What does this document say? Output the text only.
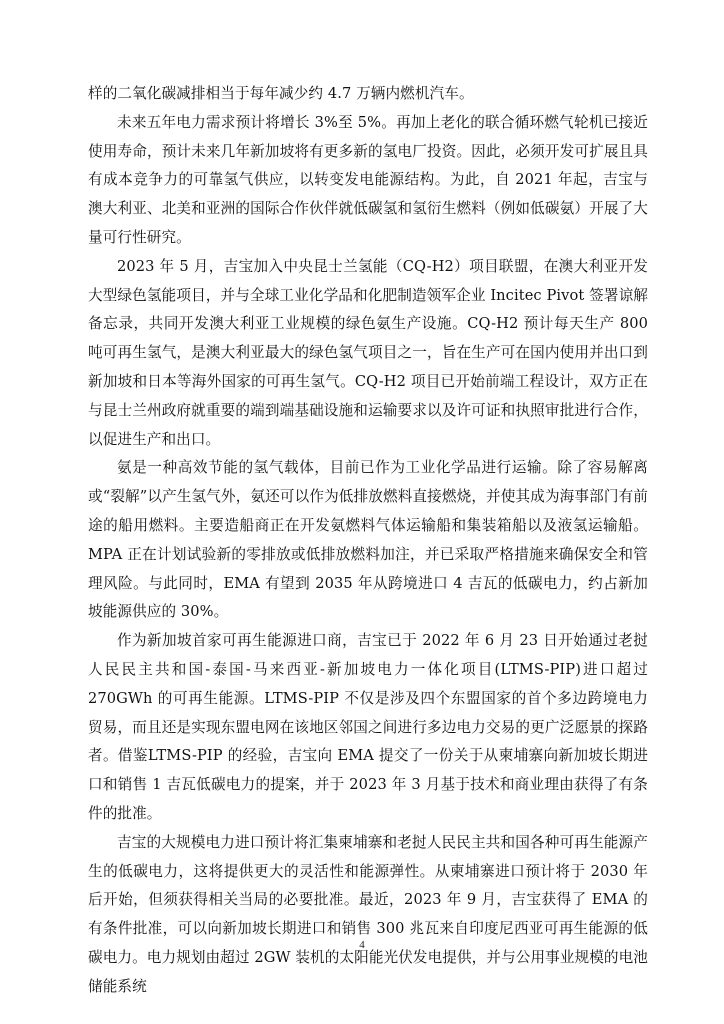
样的二氧化碳减排相当于每年减少约 4.7 万辆内燃机汽车。

未来五年电力需求预计将增长 3%至 5%。再加上老化的联合循环燃气轮机已接近使用寿命，预计未来几年新加坡将有更多新的氢电厂投资。因此，必须开发可扩展且具有成本竞争力的可靠氢气供应，以转变发电能源结构。为此，自 2021 年起，吉宝与澳大利亚、北美和亚洲的国际合作伙伴就低碳氢和氢衍生燃料（例如低碳氨）开展了大量可行性研究。

2023 年 5 月，吉宝加入中央昆士兰氢能（CQ-H2）项目联盟，在澳大利亚开发大型绿色氢能项目，并与全球工业化学品和化肥制造领军企业 Incitec Pivot 签署谅解备忘录，共同开发澳大利亚工业规模的绿色氨生产设施。CQ-H2 预计每天生产 800 吨可再生氢气，是澳大利亚最大的绿色氢气项目之一，旨在生产可在国内使用并出口到新加坡和日本等海外国家的可再生氢气。CQ-H2 项目已开始前端工程设计，双方正在与昆士兰州政府就重要的端到端基础设施和运输要求以及许可证和执照审批进行合作，以促进生产和出口。

氨是一种高效节能的氢气载体，目前已作为工业化学品进行运输。除了容易解离或“裂解”以产生氢气外，氨还可以作为低排放燃料直接燃烧，并使其成为海事部门有前途的船用燃料。主要造船商正在开发氨燃料气体运输船和集装箱船以及液氢运输船。MPA 正在计划试验新的零排放或低排放燃料加注，并已采取严格措施来确保安全和管理风险。与此同时，EMA 有望到 2035 年从跨境进口 4 吉瓦的低碳电力，约占新加坡能源供应的 30%。

作为新加坡首家可再生能源进口商，吉宝已于 2022 年 6 月 23 日开始通过老挝人民民主共和国-泰国-马来西亚-新加坡电力一体化项目(LTMS-PIP)进口超过 270GWh 的可再生能源。LTMS-PIP 不仅是涉及四个东盟国家的首个多边跨境电力贸易，而且还是实现东盟电网在该地区邻国之间进行多边电力交易的更广泛愿景的探路者。借鉴LTMS-PIP 的经验，吉宝向 EMA 提交了一份关于从柬埔寨向新加坡长期进口和销售 1 吉瓦低碳电力的提案，并于 2023 年 3 月基于技术和商业理由获得了有条件的批准。

吉宝的大规模电力进口预计将汇集柬埔寨和老挝人民民主共和国各种可再生能源产生的低碳电力，这将提供更大的灵活性和能源弹性。从柬埔寨进口预计将于 2030 年后开始，但须获得相关当局的必要批准。最近，2023 年 9 月，吉宝获得了 EMA 的有条件批准，可以向新加坡长期进口和销售 300 兆瓦来自印度尼西亚可再生能源的低碳电力。电力规划由超过 2GW 装机的太阳能光伏发电提供，并与公用事业规模的电池储能系统

4
